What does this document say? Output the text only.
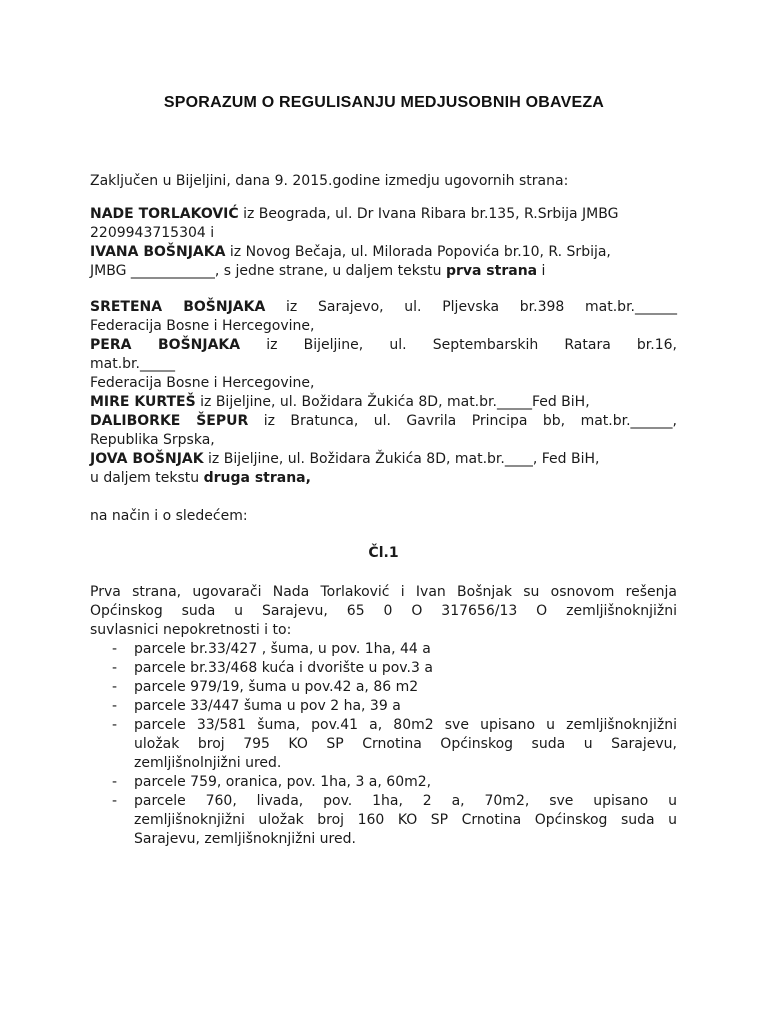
SPORAZUM O REGULISANJU MEDJUSOBNIH OBAVEZA
Zaključen u Bijeljini, dana 9. 2015.godine izmedju ugovornih strana:
NADE TORLAKOVIĆ iz Beograda, ul. Dr Ivana Ribara br.135, R.Srbija JMBG
2209943715304 i
IVANA BOŠNJAKA iz Novog Bečaja, ul. Milorada Popovića br.10, R. Srbija,
JMBG ____________, s jedne strane, u daljem tekstu prva strana i
SRETENA BOŠNJAKA iz Sarajevo, ul. Pljevska br.398 mat.br.______
Federacija Bosne i Hercegovine,
PERA BOŠNJAKA iz Bijeljine, ul. Septembarskih Ratara br.16,
mat.br._____
Federacija Bosne i Hercegovine,
MIRE KURTEŠ iz Bijeljine, ul. Božidara Žukića 8D, mat.br._____Fed BiH,
DALIBORKE ŠEPUR iz Bratunca, ul. Gavrila Principa bb, mat.br.______,
Republika Srpska,
JOVA BOŠNJAK iz Bijeljine, ul. Božidara Žukića 8D, mat.br.____, Fed BiH,
u daljem tekstu druga strana,
na način i o sledećem:
Čl.1
Prva strana, ugovarači Nada Torlaković i Ivan Bošnjak su osnovom rešenja
Općinskog suda u Sarajevu, 65 0 O 317656/13 O zemljišnoknjižni
suvlasnici nepokretnosti i to:
- parcele br.33/427 , šuma, u pov. 1ha, 44 a
- parcele br.33/468 kuća i dvorište u pov.3 a
- parcele 979/19, šuma u pov.42 a, 86 m2
- parcele 33/447 šuma u pov 2 ha, 39 a
- parcele 33/581 šuma, pov.41 a, 80m2 sve upisano u zemljišnoknjižni
uložak broj 795 KO SP Crnotina Općinskog suda u Sarajevu,
zemljišnolnjižni ured.
- parcele 759, oranica, pov. 1ha, 3 a, 60m2,
- parcele 760, livada, pov. 1ha, 2 a, 70m2, sve upisano u
zemljišnoknjižni uložak broj 160 KO SP Crnotina Općinskog suda u
Sarajevu, zemljišnoknjižni ured.
